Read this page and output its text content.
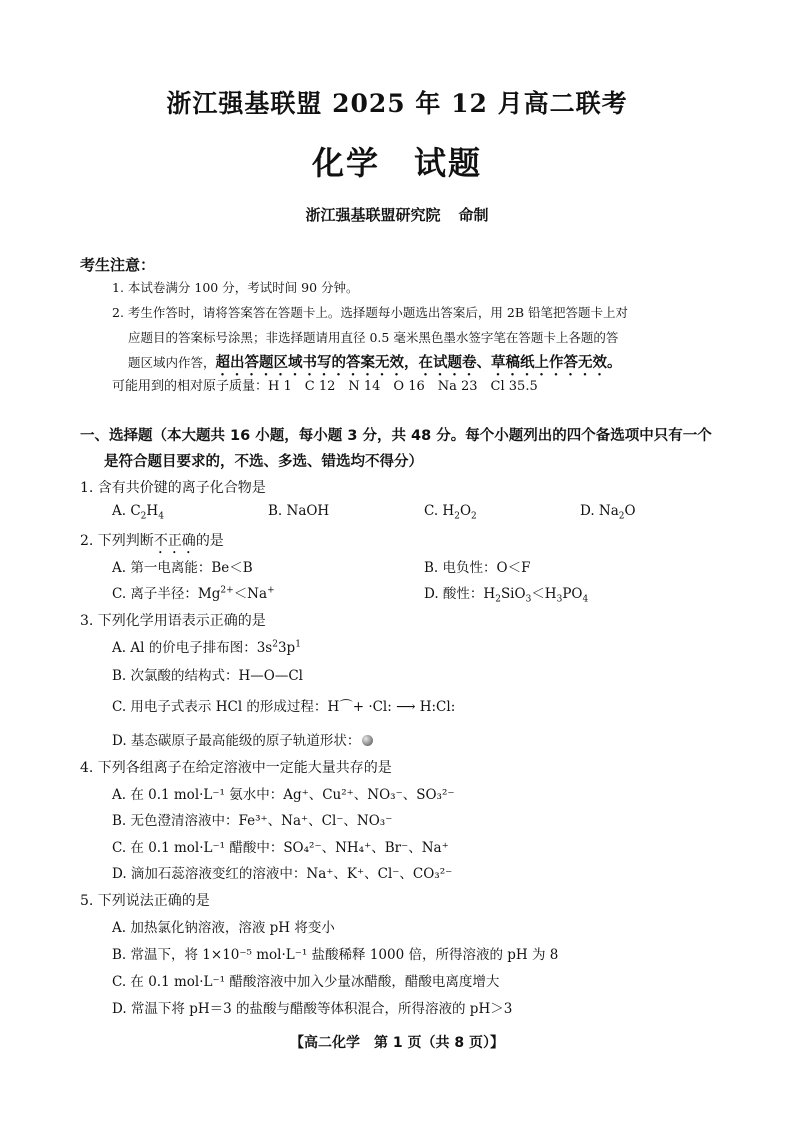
浙江强基联盟 2025 年 12 月高二联考
化学 试题
浙江强基联盟研究院 命制
考生注意：
1. 本试卷满分 100 分，考试时间 90 分钟。
2. 考生作答时，请将答案答在答题卡上。选择题每小题选出答案后，用 2B 铅笔把答题卡上对
应题目的答案标号涂黑；非选择题请用直径 0.5 毫米黑色墨水签字笔在答题卡上各题的答
题区域内作答，超出答题区域书写的答案无效，在试题卷、草稿纸上作答无效。
可能用到的相对原子质量：H 1　C 12　N 14　O 16　Na 23　Cl 35.5
一、选择题（本大题共 16 小题，每小题 3 分，共 48 分。每个小题列出的四个备选项中只有一个
是符合题目要求的，不选、多选、错选均不得分）
1. 含有共价键的离子化合物是
A. $C_2H_4$	B. NaOH	C. $H_2O_2$	D. $Na_2O$
2. 下列判断不正确的是
A. 第一电离能：Be＜B	B. 电负性：O＜F
C. 离子半径：$Mg^{2+}<Na^+$	D. 酸性：$H_2SiO_3<H_3PO_4$
3. 下列化学用语表示正确的是
A. Al 的价电子排布图：$3s^23p^1$
B. 次氯酸的结构式：H—O—Cl
C. 用电子式表示 HCl 的形成过程：H⌒+ ·Cl: ⟶ H:Cl:
D. 基态碳原子最高能级的原子轨道形状：
4. 下列各组离子在给定溶液中一定能大量共存的是
A. 在 0.1 mol·L⁻¹ 氨水中：Ag⁺、Cu²⁺、NO₃⁻、SO₃²⁻
B. 无色澄清溶液中：Fe³⁺、Na⁺、Cl⁻、NO₃⁻
C. 在 0.1 mol·L⁻¹ 醋酸中：SO₄²⁻、NH₄⁺、Br⁻、Na⁺
D. 滴加石蕊溶液变红的溶液中：Na⁺、K⁺、Cl⁻、CO₃²⁻
5. 下列说法正确的是
A. 加热氯化钠溶液，溶液 pH 将变小
B. 常温下，将 1×10⁻⁵ mol·L⁻¹ 盐酸稀释 1000 倍，所得溶液的 pH 为 8
C. 在 0.1 mol·L⁻¹ 醋酸溶液中加入少量冰醋酸，醋酸电离度增大
D. 常温下将 pH＝3 的盐酸与醋酸等体积混合，所得溶液的 pH＞3
【高二化学　第 1 页（共 8 页）】
